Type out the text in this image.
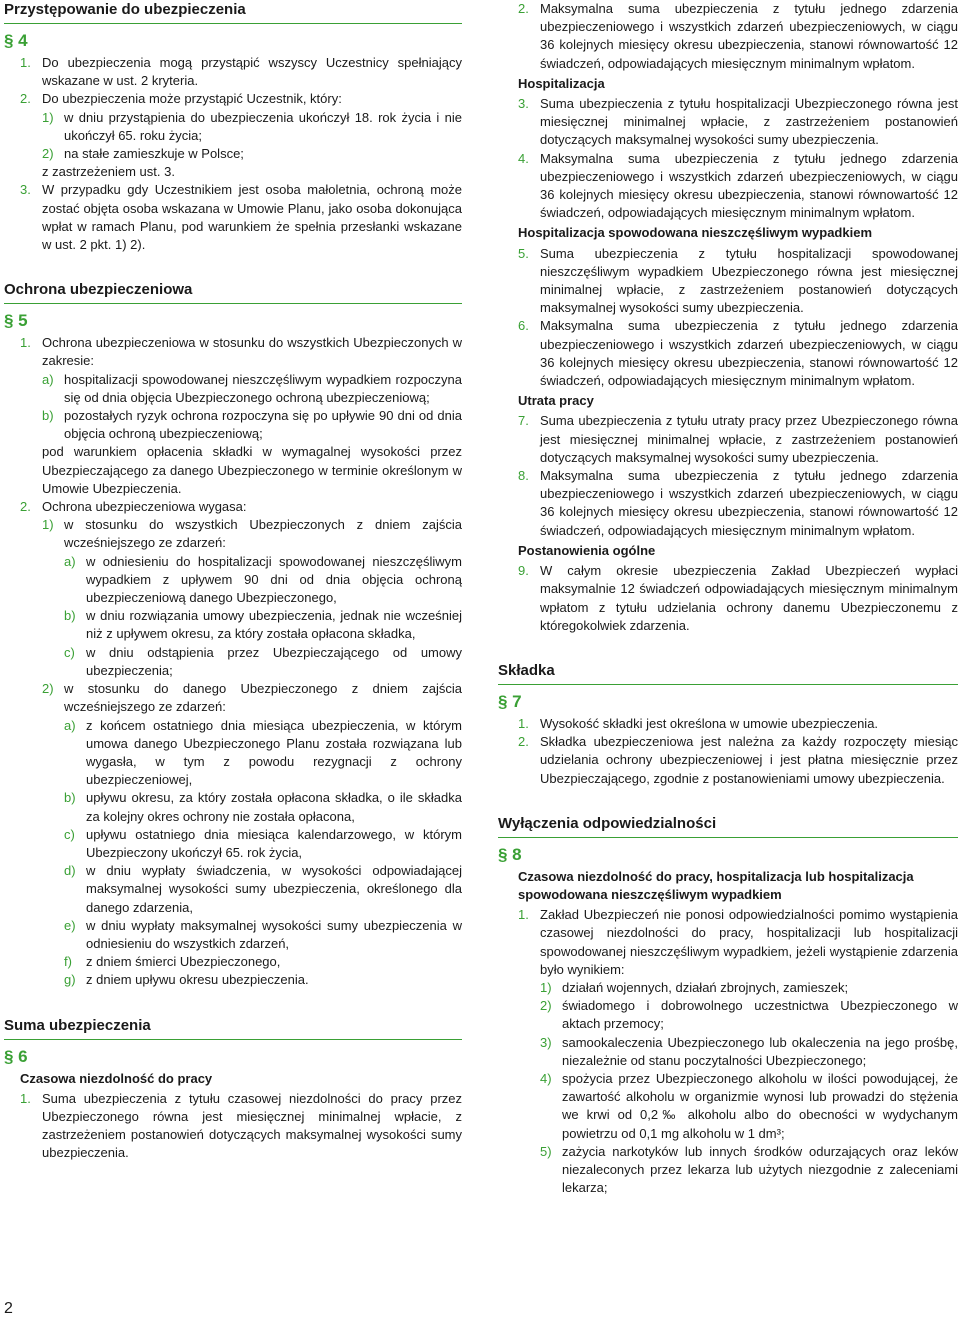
Przystępowanie do ubezpieczenia
§ 4
1. Do ubezpieczenia mogą przystąpić wszyscy Uczestnicy spełniający wskazane w ust. 2 kryteria.
2. Do ubezpieczenia może przystąpić Uczestnik, który:
1) w dniu przystąpienia do ubezpieczenia ukończył 18. rok życia i nie ukończył 65. roku życia;
2) na stałe zamieszkuje w Polsce;
z zastrzeżeniem ust. 3.
3. W przypadku gdy Uczestnikiem jest osoba małoletnia, ochroną może zostać objęta osoba wskazana w Umowie Planu, jako osoba dokonująca wpłat w ramach Planu, pod warunkiem że spełnia przesłanki wskazane w ust. 2 pkt. 1) 2).
Ochrona ubezpieczeniowa
§ 5
1. Ochrona ubezpieczeniowa w stosunku do wszystkich Ubezpieczonych w zakresie:
a) hospitalizacji spowodowanej nieszczęśliwym wypadkiem rozpoczyna się od dnia objęcia Ubezpieczonego ochroną ubezpieczeniową;
b) pozostałych ryzyk ochrona rozpoczyna się po upływie 90 dni od dnia objęcia ochroną ubezpieczeniową;
pod warunkiem opłacenia składki w wymagalnej wysokości przez Ubezpieczającego za danego Ubezpieczonego w terminie określonym w Umowie Ubezpieczenia.
2. Ochrona ubezpieczeniowa wygasa:
1) w stosunku do wszystkich Ubezpieczonych z dniem zajścia wcześniejszego ze zdarzeń:
a) w odniesieniu do hospitalizacji spowodowanej nieszczęśliwym wypadkiem z upływem 90 dni od dnia objęcia ochroną ubezpieczeniową danego Ubezpieczonego,
b) w dniu rozwiązania umowy ubezpieczenia, jednak nie wcześniej niż z upływem okresu, za który została opłacona składka,
c) w dniu odstąpienia przez Ubezpieczającego od umowy ubezpieczenia;
2) w stosunku do danego Ubezpieczonego z dniem zajścia wcześniejszego ze zdarzeń:
a) z końcem ostatniego dnia miesiąca ubezpieczenia, w którym umowa danego Ubezpieczonego Planu została rozwiązana lub wygasła, w tym z powodu rezygnacji z ochrony ubezpieczeniowej,
b) upływu okresu, za który została opłacona składka, o ile składka za kolejny okres ochrony nie została opłacona,
c) upływu ostatniego dnia miesiąca kalendarzowego, w którym Ubezpieczony ukończył 65. rok życia,
d) w dniu wypłaty świadczenia, w wysokości odpowiadającej maksymalnej wysokości sumy ubezpieczenia, określonego dla danego zdarzenia,
e) w dniu wypłaty maksymalnej wysokości sumy ubezpieczenia w odniesieniu do wszystkich zdarzeń,
f)	z dniem śmierci Ubezpieczonego,
g) z dniem upływu okresu ubezpieczenia.
Suma ubezpieczenia
§ 6
Czasowa niezdolność do pracy
1. Suma ubezpieczenia z tytułu czasowej niezdolności do pracy przez Ubezpieczonego równa jest miesięcznej minimalnej wpłacie, z zastrzeżeniem postanowień dotyczących maksymalnej wysokości sumy ubezpieczenia.
2. Maksymalna suma ubezpieczenia z tytułu jednego zdarzenia ubezpieczeniowego i wszystkich zdarzeń ubezpieczeniowych, w ciągu 36 kolejnych miesięcy okresu ubezpieczenia, stanowi równowartość 12 świadczeń, odpowiadających miesięcznym minimalnym wpłatom.
Hospitalizacja
3. Suma ubezpieczenia z tytułu hospitalizacji Ubezpieczonego równa jest miesięcznej minimalnej wpłacie, z zastrzeżeniem postanowień dotyczących maksymalnej wysokości sumy ubezpieczenia.
4. Maksymalna suma ubezpieczenia z tytułu jednego zdarzenia ubezpieczeniowego i wszystkich zdarzeń ubezpieczeniowych, w ciągu 36 kolejnych miesięcy okresu ubezpieczenia, stanowi równowartość 12 świadczeń, odpowiadających miesięcznym minimalnym wpłatom.
Hospitalizacja spowodowana nieszczęśliwym wypadkiem
5. Suma ubezpieczenia z tytułu hospitalizacji spowodowanej nieszczęśliwym wypadkiem Ubezpieczonego równa jest miesięcznej minimalnej wpłacie, z zastrzeżeniem postanowień dotyczących maksymalnej wysokości sumy ubezpieczenia.
6. Maksymalna suma ubezpieczenia z tytułu jednego zdarzenia ubezpieczeniowego i wszystkich zdarzeń ubezpieczeniowych, w ciągu 36 kolejnych miesięcy okresu ubezpieczenia, stanowi równowartość 12 świadczeń, odpowiadających miesięcznym minimalnym wpłatom.
Utrata pracy
7. Suma ubezpieczenia z tytułu utraty pracy przez Ubezpieczonego równa jest miesięcznej minimalnej wpłacie, z zastrzeżeniem postanowień dotyczących maksymalnej wysokości sumy ubezpieczenia.
8. Maksymalna suma ubezpieczenia z tytułu jednego zdarzenia ubezpieczeniowego i wszystkich zdarzeń ubezpieczeniowych, w ciągu 36 kolejnych miesięcy okresu ubezpieczenia, stanowi równowartość 12 świadczeń, odpowiadających miesięcznym minimalnym wpłatom.
Postanowienia ogólne
9. W całym okresie ubezpieczenia Zakład Ubezpieczeń wypłaci maksymalnie 12 świadczeń odpowiadających miesięcznym minimalnym wpłatom z tytułu udzielania ochrony danemu Ubezpieczonemu z któregokolwiek zdarzenia.
Składka
§ 7
1. Wysokość składki jest określona w umowie ubezpieczenia.
2. Składka ubezpieczeniowa jest należna za każdy rozpoczęty miesiąc udzielania ochrony ubezpieczeniowej i jest płatna miesięcznie przez Ubezpieczającego, zgodnie z postanowieniami umowy ubezpieczenia.
Wyłączenia odpowiedzialności
§ 8
Czasowa niezdolność do pracy, hospitalizacja lub hospitalizacja spowodowana nieszczęśliwym wypadkiem
1. Zakład Ubezpieczeń nie ponosi odpowiedzialności pomimo wystąpienia czasowej niezdolności do pracy, hospitalizacji lub hospitalizacji spowodowanej nieszczęśliwym wypadkiem, jeżeli wystąpienie zdarzenia było wynikiem:
1) działań wojennych, działań zbrojnych, zamieszek;
2) świadomego i dobrowolnego uczestnictwa Ubezpieczonego w aktach przemocy;
3) samookaleczenia Ubezpieczonego lub okaleczenia na jego prośbę, niezależnie od stanu poczytalności Ubezpieczonego;
4) spożycia przez Ubezpieczonego alkoholu w ilości powodującej, że zawartość alkoholu w organizmie wynosi lub prowadzi do stężenia we krwi od 0,2‰ alkoholu albo do obecności w wydychanym powietrzu od 0,1 mg alkoholu w 1 dm³;
5) zażycia narkotyków lub innych środków odurzających oraz leków niezaleconych przez lekarza lub użytych niezgodnie z zaleceniami lekarza;
2
